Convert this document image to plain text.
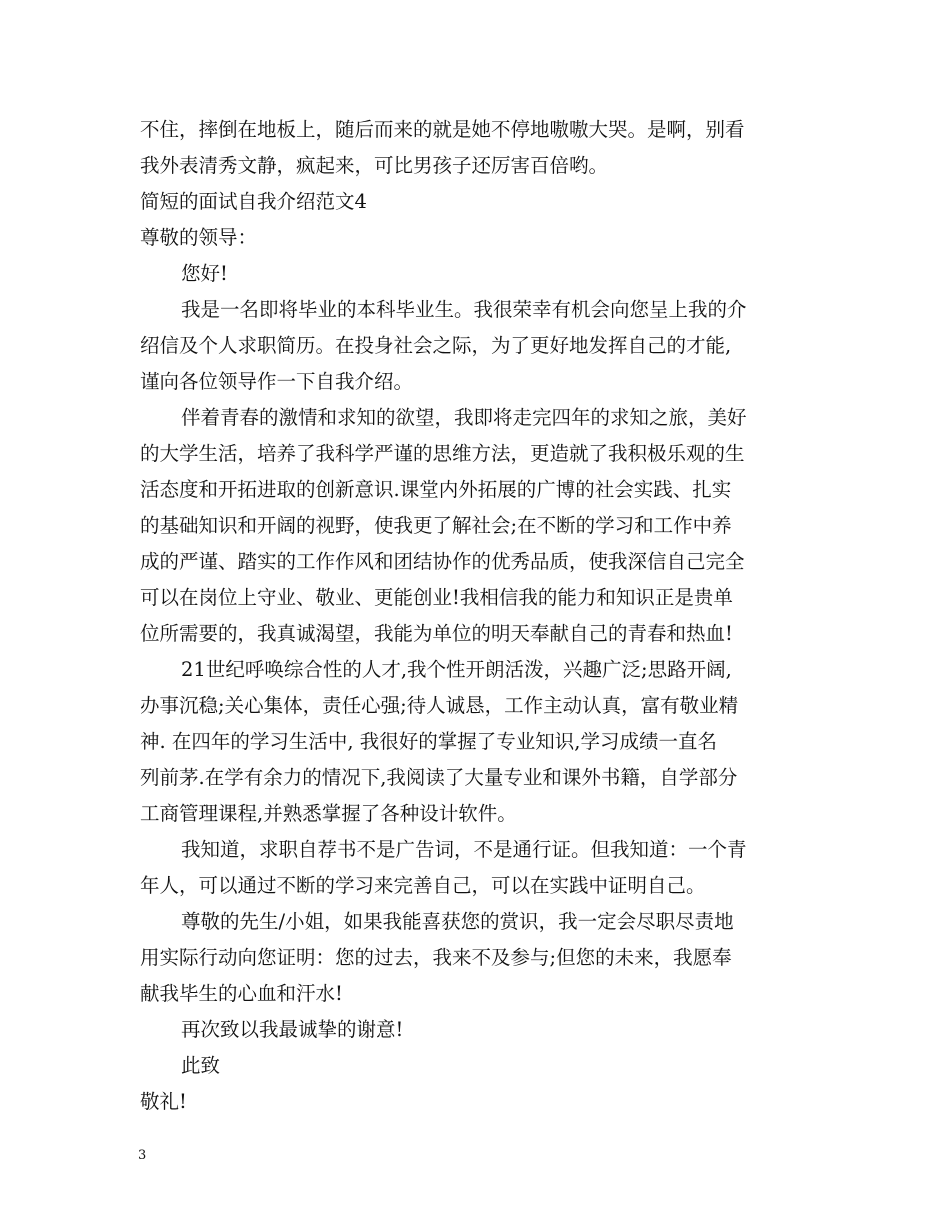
不住，摔倒在地板上，随后而来的就是她不停地嗷嗷大哭。是啊，别看
我外表清秀文静，疯起来，可比男孩子还厉害百倍哟。
简短的面试自我介绍范文4
尊敬的领导：
您好!
我是一名即将毕业的本科毕业生。我很荣幸有机会向您呈上我的介
绍信及个人求职简历。在投身社会之际，为了更好地发挥自己的才能,
谨向各位领导作一下自我介绍。
伴着青春的激情和求知的欲望，我即将走完四年的求知之旅，美好
的大学生活，培养了我科学严谨的思维方法，更造就了我积极乐观的生
活态度和开拓进取的创新意识.课堂内外拓展的广博的社会实践、扎实
的基础知识和开阔的视野，使我更了解社会;在不断的学习和工作中养
成的严谨、踏实的工作作风和团结协作的优秀品质，使我深信自己完全
可以在岗位上守业、敬业、更能创业!我相信我的能力和知识正是贵单
位所需要的，我真诚渴望，我能为单位的明天奉献自己的青春和热血!
21世纪呼唤综合性的人才,我个性开朗活泼，兴趣广泛;思路开阔,
办事沉稳;关心集体，责任心强;待人诚恳，工作主动认真，富有敬业精
神. 在四年的学习生活中, 我很好的掌握了专业知识,学习成绩一直名
列前茅.在学有余力的情况下,我阅读了大量专业和课外书籍，自学部分
工商管理课程,并熟悉掌握了各种设计软件。
我知道，求职自荐书不是广告词，不是通行证。但我知道：一个青
年人，可以通过不断的学习来完善自己，可以在实践中证明自己。
尊敬的先生/小姐，如果我能喜获您的赏识，我一定会尽职尽责地
用实际行动向您证明：您的过去，我来不及参与;但您的未来，我愿奉
献我毕生的心血和汗水!
再次致以我最诚挚的谢意!
此致
敬礼!
3
